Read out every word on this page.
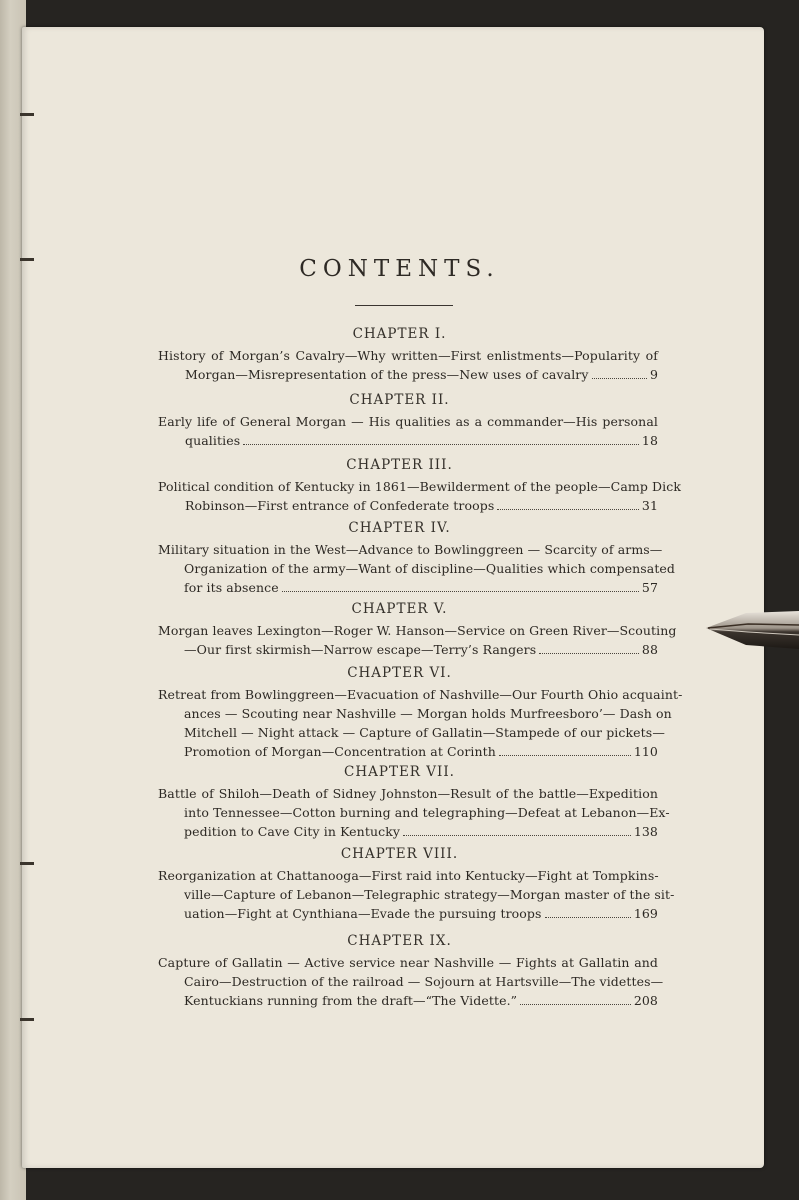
CONTENTS.
CHAPTER I.
History of Morgan’s Cavalry—Why written—First enlistments—Popularity of
Morgan—Misrepresentation of the press—New uses of cavalry	9
CHAPTER II.
Early life of General Morgan — His qualities as a commander—His personal
qualities	18
CHAPTER III.
Political condition of Kentucky in 1861—Bewilderment of the people—Camp Dick
Robinson—First entrance of Confederate troops	31
CHAPTER IV.
Military situation in the West—Advance to Bowlinggreen — Scarcity of arms—
Organization of the army—Want of discipline—Qualities which compensated
for its absence	57
CHAPTER V.
Morgan leaves Lexington—Roger W. Hanson—Service on Green River—Scouting
—Our first skirmish—Narrow escape—Terry’s Rangers	88
CHAPTER VI.
Retreat from Bowlinggreen—Evacuation of Nashville—Our Fourth Ohio acquaint-
ances — Scouting near Nashville — Morgan holds Murfreesboro’— Dash on
Mitchell — Night attack — Capture of Gallatin—Stampede of our pickets—
Promotion of Morgan—Concentration at Corinth	110
CHAPTER VII.
Battle of Shiloh—Death of Sidney Johnston—Result of the battle—Expedition
into Tennessee—Cotton burning and telegraphing—Defeat at Lebanon—Ex-
pedition to Cave City in Kentucky	138
CHAPTER VIII.
Reorganization at Chattanooga—First raid into Kentucky—Fight at Tompkins-
ville—Capture of Lebanon—Telegraphic strategy—Morgan master of the sit-
uation—Fight at Cynthiana—Evade the pursuing troops	169
CHAPTER IX.
Capture of Gallatin — Active service near Nashville — Fights at Gallatin and
Cairo—Destruction of the railroad — Sojourn at Hartsville—The videttes—
Kentuckians running from the draft—“The Vidette.”	208
